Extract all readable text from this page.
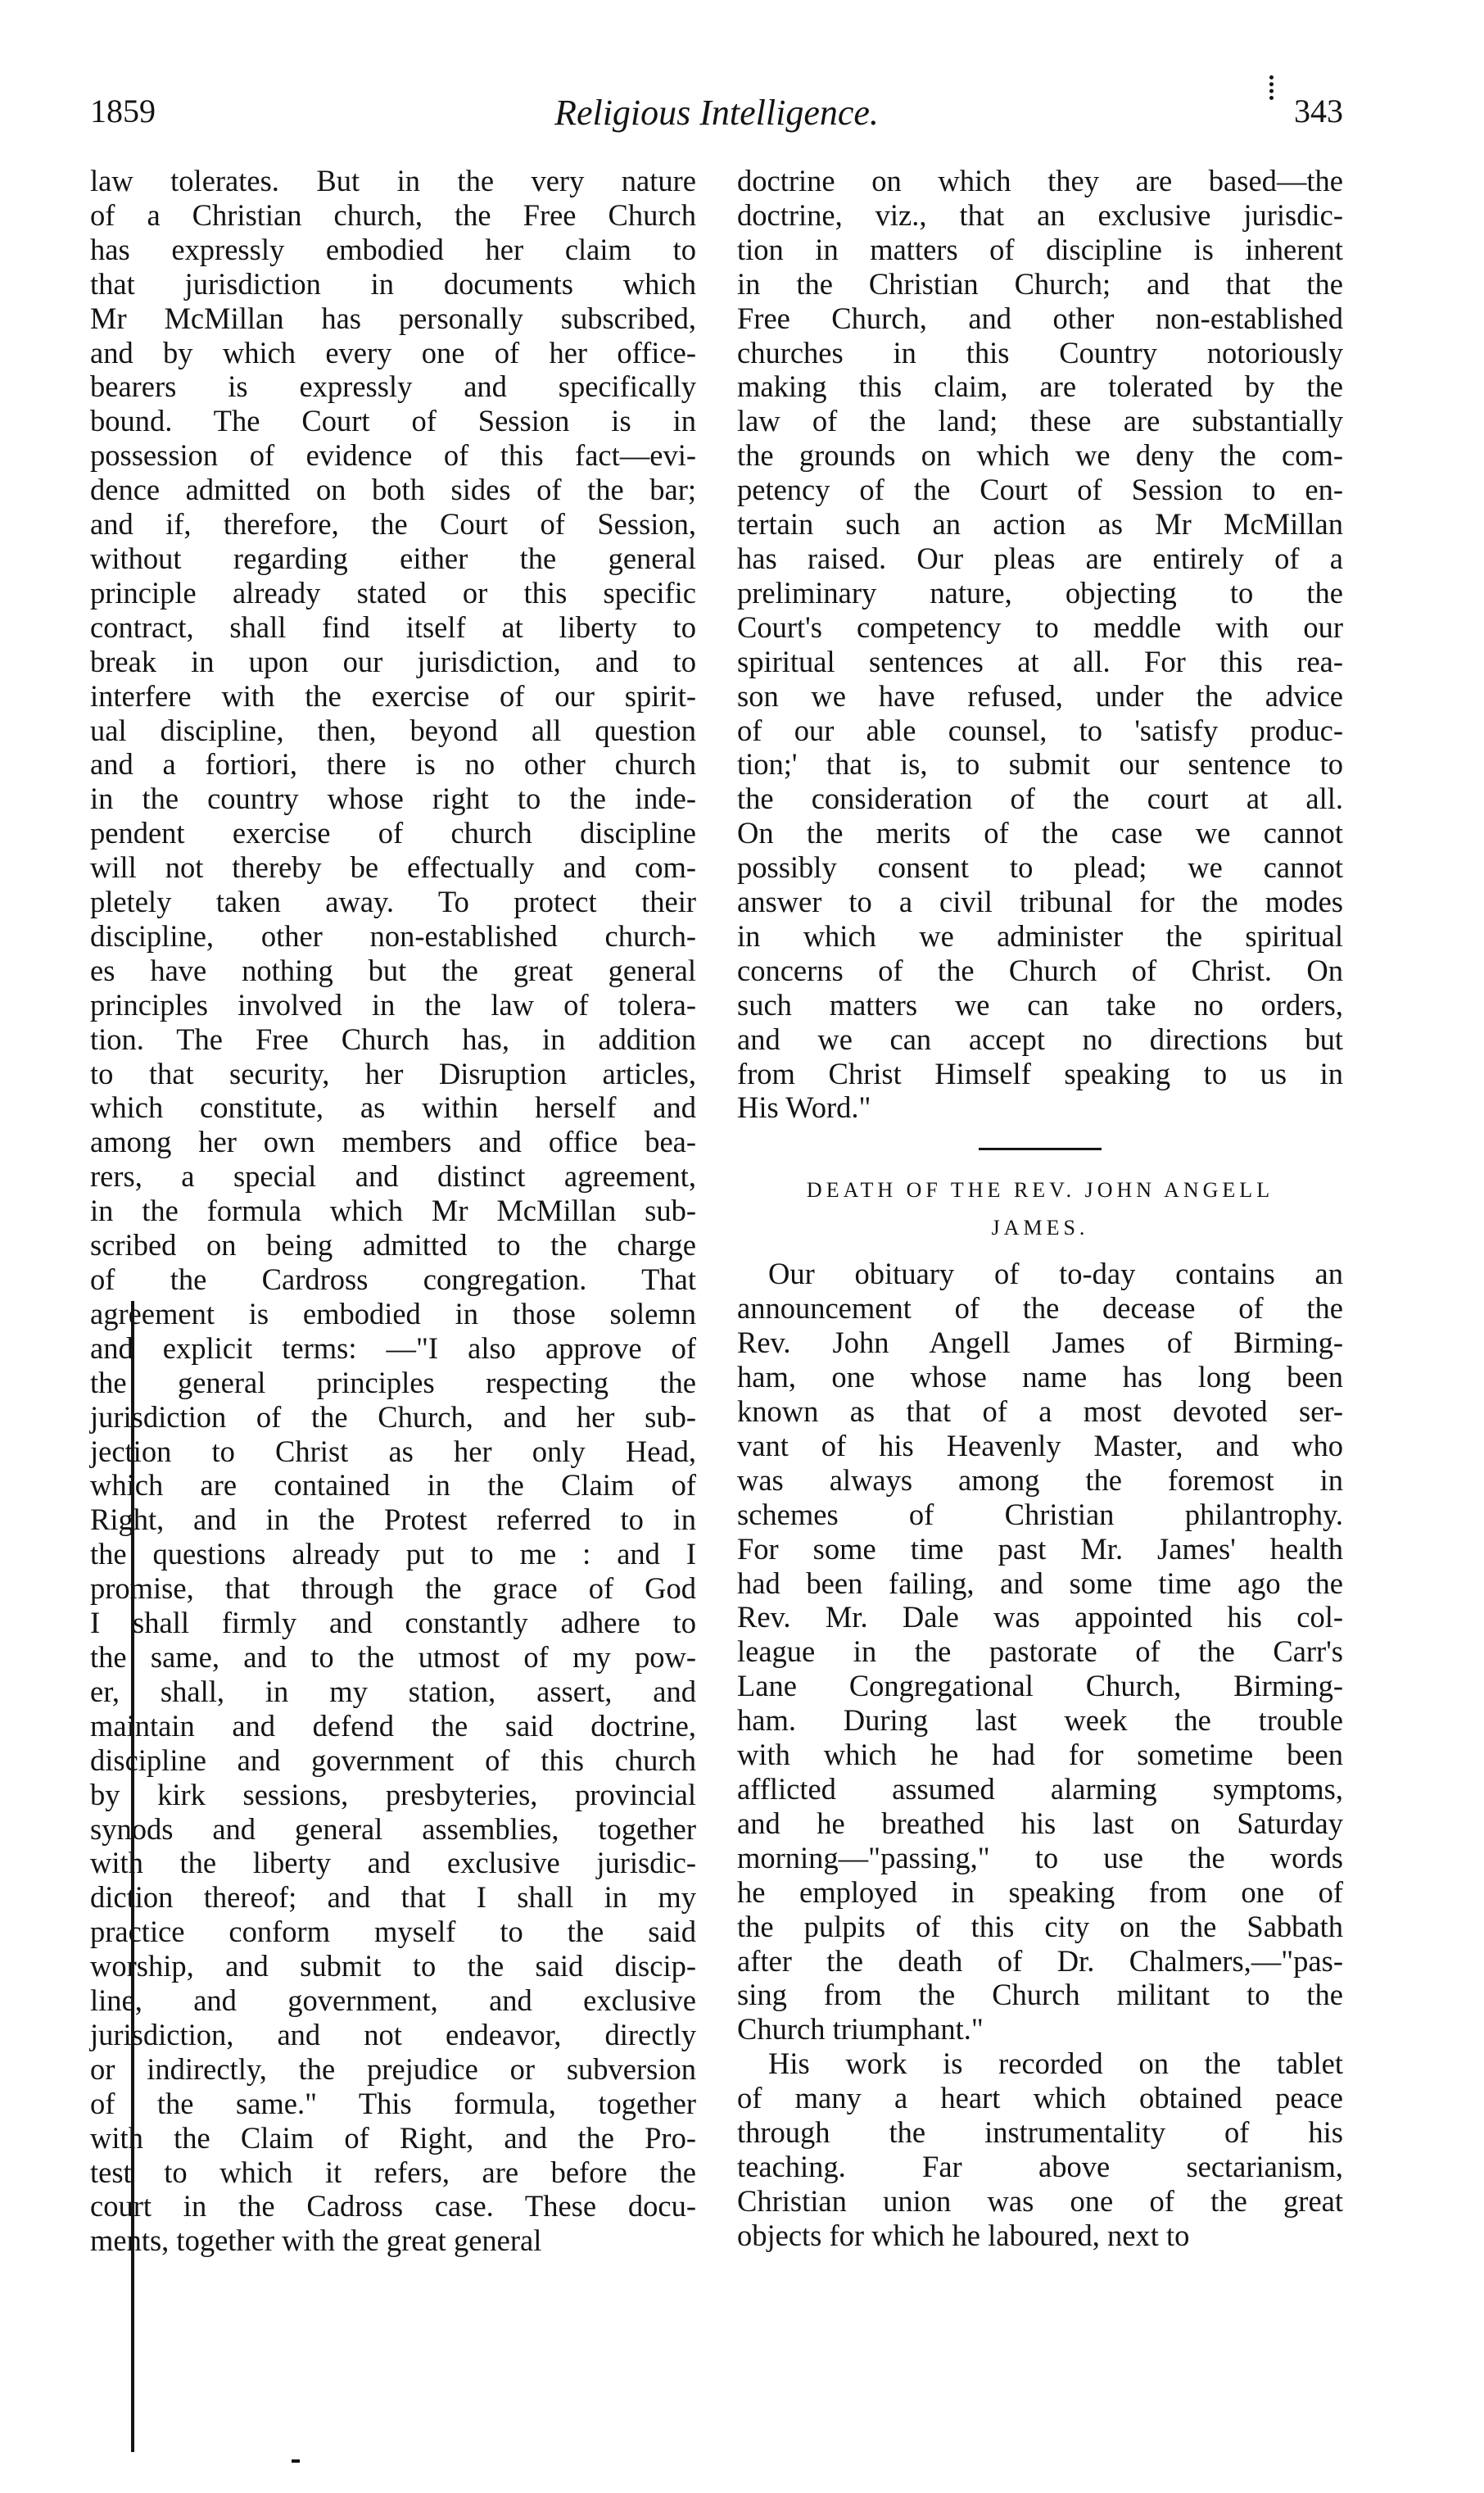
1859	Religious Intelligence.	343
law tolerates. But in the very nature
of a Christian church, the Free Church
has expressly embodied her claim to
that jurisdiction in documents which
Mr McMillan has personally subscribed,
and by which every one of her office-
bearers is expressly and specifically
bound. The Court of Session is in
possession of evidence of this fact—evi-
dence admitted on both sides of the bar;
and if, therefore, the Court of Session,
without regarding either the general
principle already stated or this specific
contract, shall find itself at liberty to
break in upon our jurisdiction, and to
interfere with the exercise of our spirit-
ual discipline, then, beyond all question
and a fortiori, there is no other church
in the country whose right to the inde-
pendent exercise of church discipline
will not thereby be effectually and com-
pletely taken away. To protect their
discipline, other non-established church-
es have nothing but the great general
principles involved in the law of tolera-
tion. The Free Church has, in addition
to that security, her Disruption articles,
which constitute, as within herself and
among her own members and office bea-
rers, a special and distinct agreement,
in the formula which Mr McMillan sub-
scribed on being admitted to the charge
of the Cardross congregation. That
agreement is embodied in those solemn
and explicit terms: —"I also approve of
the general principles respecting the
jurisdiction of the Church, and her sub-
jection to Christ as her only Head,
which are contained in the Claim of
Right, and in the Protest referred to in
the questions already put to me : and I
promise, that through the grace of God
I shall firmly and constantly adhere to
the same, and to the utmost of my pow-
er, shall, in my station, assert, and
maintain and defend the said doctrine,
discipline and government of this church
by kirk sessions, presbyteries, provincial
synods and general assemblies, together
with the liberty and exclusive jurisdic-
diction thereof; and that I shall in my
practice conform myself to the said
worship, and submit to the said discip-
line, and government, and exclusive
jurisdiction, and not endeavor, directly
or indirectly, the prejudice or subversion
of the same." This formula, together
with the Claim of Right, and the Pro-
test to which it refers, are before the
court in the Cadross case. These docu-
ments, together with the great general
doctrine on which they are based—the
doctrine, viz., that an exclusive jurisdic-
tion in matters of discipline is inherent
in the Christian Church; and that the
Free Church, and other non-established
churches in this Country notoriously
making this claim, are tolerated by the
law of the land; these are substantially
the grounds on which we deny the com-
petency of the Court of Session to en-
tertain such an action as Mr McMillan
has raised. Our pleas are entirely of a
preliminary nature, objecting to the
Court's competency to meddle with our
spiritual sentences at all. For this rea-
son we have refused, under the advice
of our able counsel, to 'satisfy produc-
tion;' that is, to submit our sentence to
the consideration of the court at all.
On the merits of the case we cannot
possibly consent to plead; we cannot
answer to a civil tribunal for the modes
in which we administer the spiritual
concerns of the Church of Christ. On
such matters we can take no orders,
and we can accept no directions but
from Christ Himself speaking to us in
His Word."
DEATH OF THE REV. JOHN ANGELL
JAMES.
Our obituary of to-day contains an
announcement of the decease of the
Rev. John Angell James of Birming-
ham, one whose name has long been
known as that of a most devoted ser-
vant of his Heavenly Master, and who
was always among the foremost in
schemes of Christian philantrophy.
For some time past Mr. James' health
had been failing, and some time ago the
Rev. Mr. Dale was appointed his col-
league in the pastorate of the Carr's
Lane Congregational Church, Birming-
ham. During last week the trouble
with which he had for sometime been
afflicted assumed alarming symptoms,
and he breathed his last on Saturday
morning—"passing," to use the words
he employed in speaking from one of
the pulpits of this city on the Sabbath
after the death of Dr. Chalmers,—"pas-
sing from the Church militant to the
Church triumphant."
His work is recorded on the tablet
of many a heart which obtained peace
through the instrumentality of his
teaching. Far above sectarianism,
Christian union was one of the great
objects for which he laboured, next to
